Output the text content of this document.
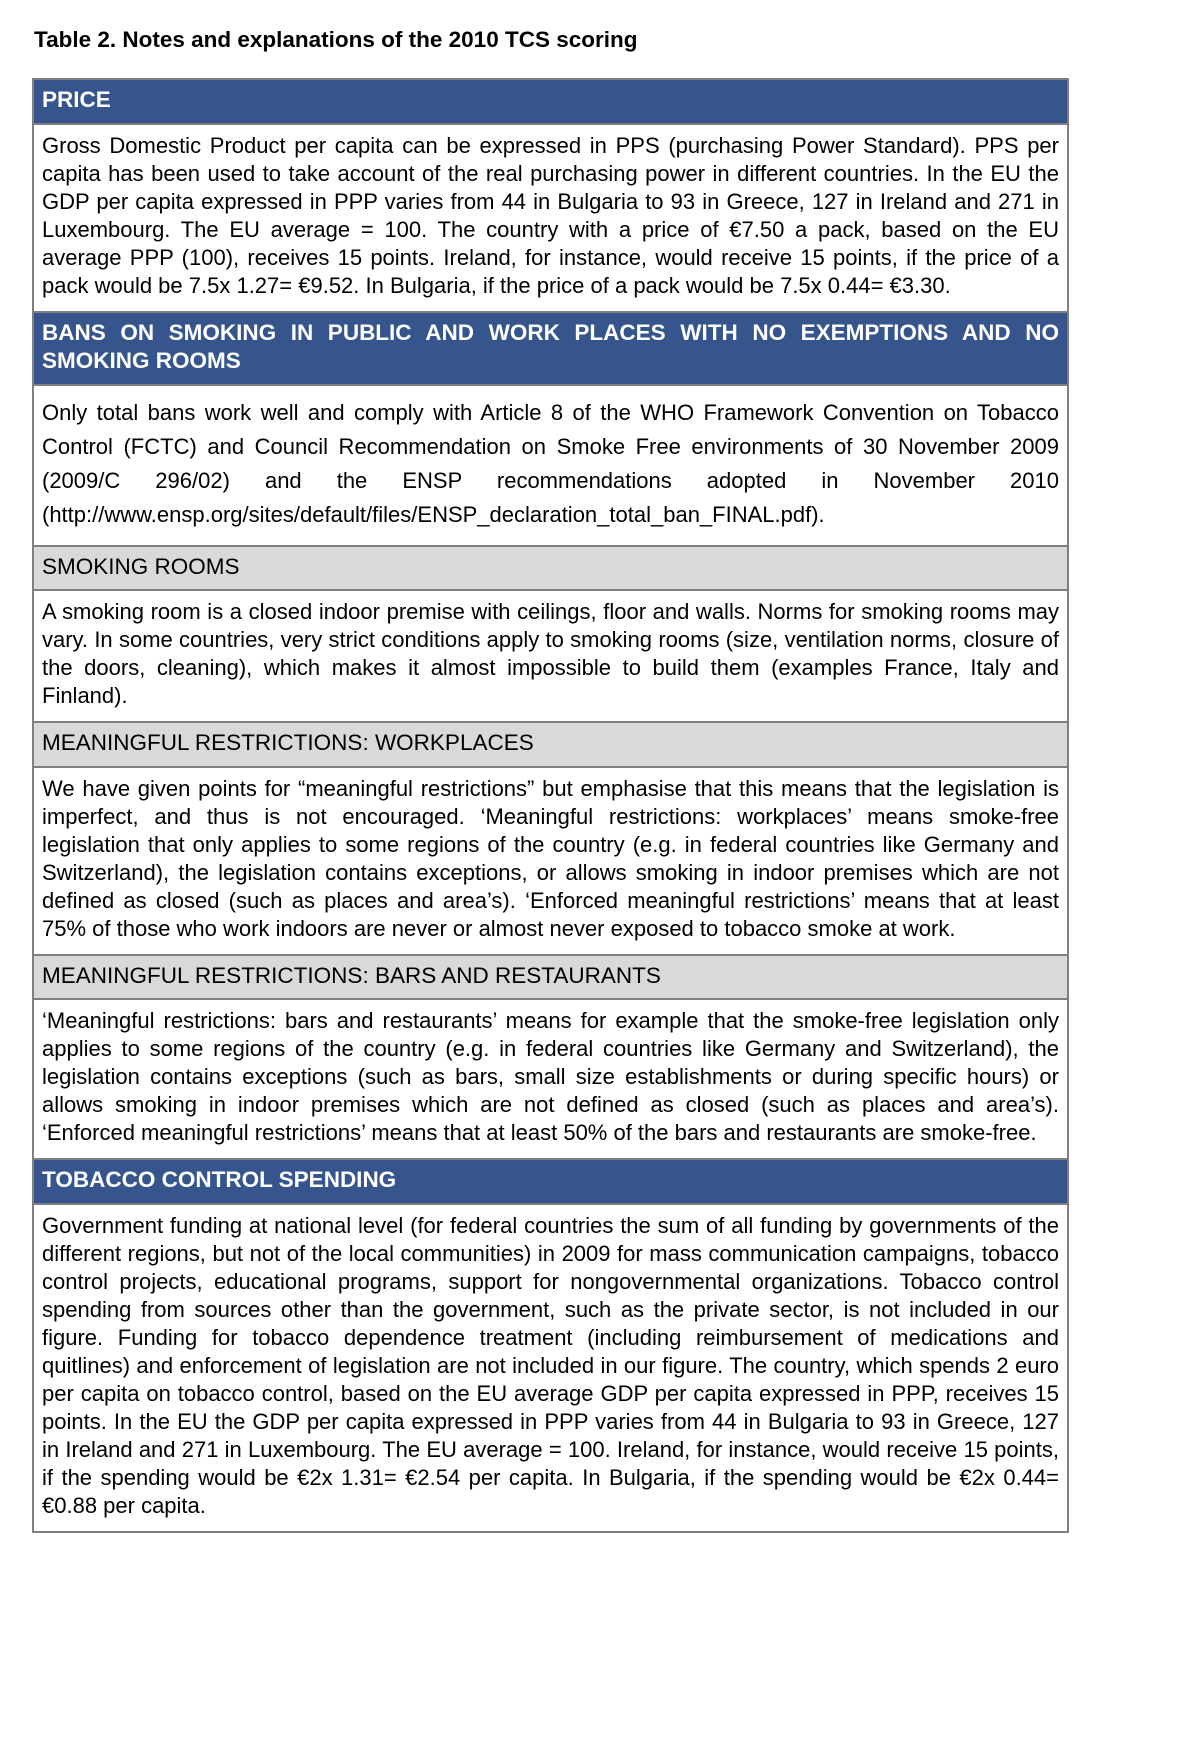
Table 2. Notes and explanations of the 2010 TCS scoring
PRICE
Gross Domestic Product per capita can be expressed in PPS (purchasing Power Standard). PPS per capita has been used to take account of the real purchasing power in different countries. In the EU the GDP per capita expressed in PPP varies from 44 in Bulgaria to 93 in Greece, 127 in Ireland and 271 in Luxembourg. The EU average = 100. The country with a price of €7.50 a pack, based on the EU average PPP (100), receives 15 points. Ireland, for instance, would receive 15 points, if the price of a pack would be 7.5x 1.27= €9.52. In Bulgaria, if the price of a pack would be 7.5x 0.44= €3.30.
BANS ON SMOKING IN PUBLIC AND WORK PLACES WITH NO EXEMPTIONS AND NO SMOKING ROOMS
Only total bans work well and comply with Article 8 of the WHO Framework Convention on Tobacco Control (FCTC) and Council Recommendation on Smoke Free environments of 30 November 2009 (2009/C 296/02) and the ENSP recommendations adopted in November 2010 (http://www.ensp.org/sites/default/files/ENSP_declaration_total_ban_FINAL.pdf).
SMOKING ROOMS
A smoking room is a closed indoor premise with ceilings, floor and walls. Norms for smoking rooms may vary. In some countries, very strict conditions apply to smoking rooms (size, ventilation norms, closure of the doors, cleaning), which makes it almost impossible to build them (examples France, Italy and Finland).
MEANINGFUL RESTRICTIONS: WORKPLACES
We have given points for “meaningful restrictions” but emphasise that this means that the legislation is imperfect, and thus is not encouraged. ‘Meaningful restrictions: workplaces’ means smoke-free legislation that only applies to some regions of the country (e.g. in federal countries like Germany and Switzerland), the legislation contains exceptions, or allows smoking in indoor premises which are not defined as closed (such as places and area’s). ‘Enforced meaningful restrictions’ means that at least 75% of those who work indoors are never or almost never exposed to tobacco smoke at work.
MEANINGFUL RESTRICTIONS: BARS AND RESTAURANTS
‘Meaningful restrictions: bars and restaurants’ means for example that the smoke-free legislation only applies to some regions of the country (e.g. in federal countries like Germany and Switzerland), the legislation contains exceptions (such as bars, small size establishments or during specific hours) or allows smoking in indoor premises which are not defined as closed (such as places and area’s). ‘Enforced meaningful restrictions’ means that at least 50% of the bars and restaurants are smoke-free.
TOBACCO CONTROL SPENDING
Government funding at national level (for federal countries the sum of all funding by governments of the different regions, but not of the local communities) in 2009 for mass communication campaigns, tobacco control projects, educational programs, support for nongovernmental organizations. Tobacco control spending from sources other than the government, such as the private sector, is not included in our figure. Funding for tobacco dependence treatment (including reimbursement of medications and quitlines) and enforcement of legislation are not included in our figure. The country, which spends 2 euro per capita on tobacco control, based on the EU average GDP per capita expressed in PPP, receives 15 points. In the EU the GDP per capita expressed in PPP varies from 44 in Bulgaria to 93 in Greece, 127 in Ireland and 271 in Luxembourg. The EU average = 100. Ireland, for instance, would receive 15 points, if the spending would be €2x 1.31= €2.54 per capita. In Bulgaria, if the spending would be €2x 0.44= €0.88 per capita.
